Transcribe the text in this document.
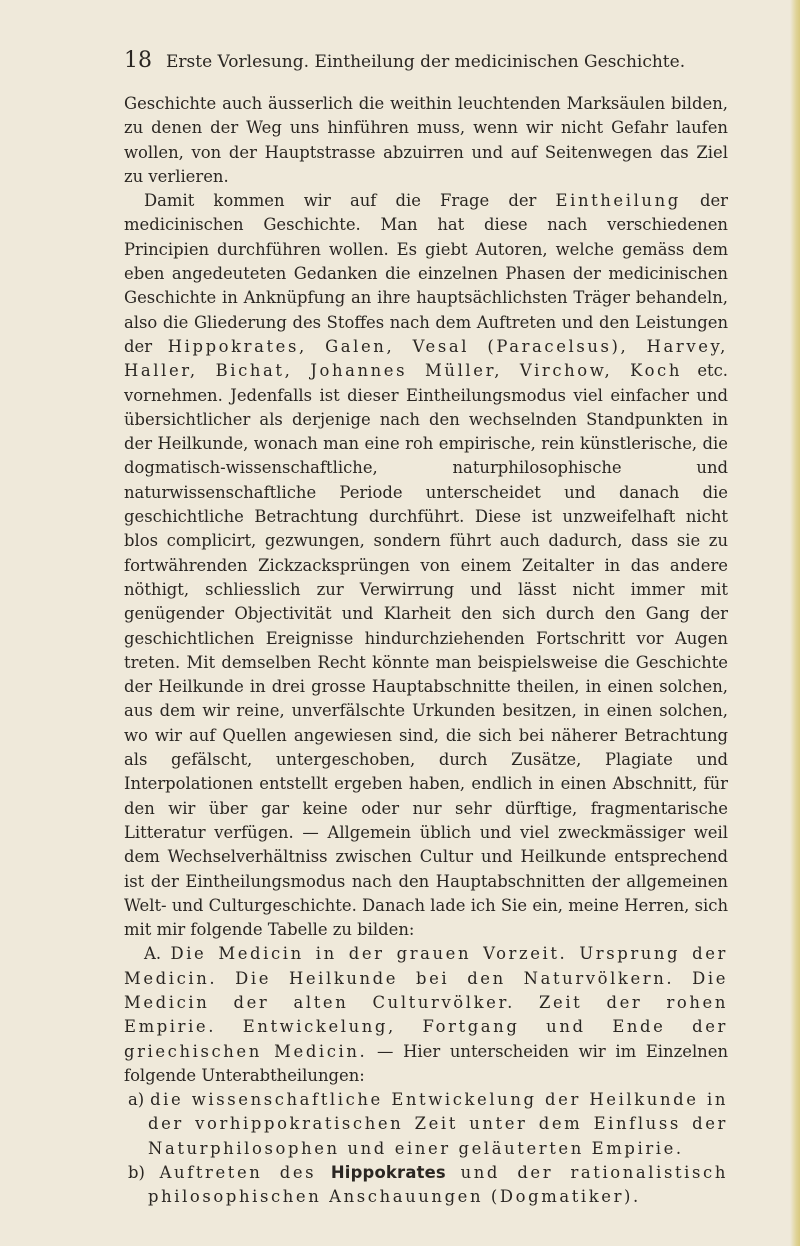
18 Erste Vorlesung. Eintheilung der medicinischen Geschichte.

Geschichte auch äusserlich die weithin leuchtenden Marksäulen bilden, zu denen der Weg uns hinführen muss, wenn wir nicht Gefahr laufen wollen, von der Hauptstrasse abzuirren und auf Seitenwegen das Ziel zu verlieren.

Damit kommen wir auf die Frage der Eintheilung der medicinischen Geschichte. Man hat diese nach verschiedenen Principien durchführen wollen. Es giebt Autoren, welche gemäss dem eben angedeuteten Gedanken die einzelnen Phasen der medicinischen Geschichte in Anknüpfung an ihre hauptsächlichsten Träger behandeln, also die Gliederung des Stoffes nach dem Auftreten und den Leistungen der Hippokrates, Galen, Vesal (Paracelsus), Harvey, Haller, Bichat, Johannes Müller, Virchow, Koch etc. vornehmen. Jedenfalls ist dieser Eintheilungsmodus viel einfacher und übersichtlicher als derjenige nach den wechselnden Standpunkten in der Heilkunde, wonach man eine roh empirische, rein künstlerische, die dogmatisch-wissenschaftliche, naturphilosophische und naturwissenschaftliche Periode unterscheidet und danach die geschichtliche Betrachtung durchführt. Diese ist unzweifelhaft nicht blos complicirt, gezwungen, sondern führt auch dadurch, dass sie zu fortwährenden Zickzacksprüngen von einem Zeitalter in das andere nöthigt, schliesslich zur Verwirrung und lässt nicht immer mit genügender Objectivität und Klarheit den sich durch den Gang der geschichtlichen Ereignisse hindurchziehenden Fortschritt vor Augen treten. Mit demselben Recht könnte man beispielsweise die Geschichte der Heilkunde in drei grosse Hauptabschnitte theilen, in einen solchen, aus dem wir reine, unverfälschte Urkunden besitzen, in einen solchen, wo wir auf Quellen angewiesen sind, die sich bei näherer Betrachtung als gefälscht, untergeschoben, durch Zusätze, Plagiate und Interpolationen entstellt ergeben haben, endlich in einen Abschnitt, für den wir über gar keine oder nur sehr dürftige, fragmentarische Litteratur verfügen. — Allgemein üblich und viel zweckmässiger weil dem Wechselverhältniss zwischen Cultur und Heilkunde entsprechend ist der Eintheilungsmodus nach den Hauptabschnitten der allgemeinen Welt- und Culturgeschichte. Danach lade ich Sie ein, meine Herren, sich mit mir folgende Tabelle zu bilden:

A. Die Medicin in der grauen Vorzeit. Ursprung der Medicin. Die Heilkunde bei den Naturvölkern. Die Medicin der alten Culturvölker. Zeit der rohen Empirie. Entwickelung, Fortgang und Ende der griechischen Medicin. — Hier unterscheiden wir im Einzelnen folgende Unterabtheilungen:

a) die wissenschaftliche Entwickelung der Heilkunde in der vorhippokratischen Zeit unter dem Einfluss der Naturphilosophen und einer geläuterten Empirie.

b) Auftreten des Hippokrates und der rationalistisch philosophischen Anschauungen (Dogmatiker).
